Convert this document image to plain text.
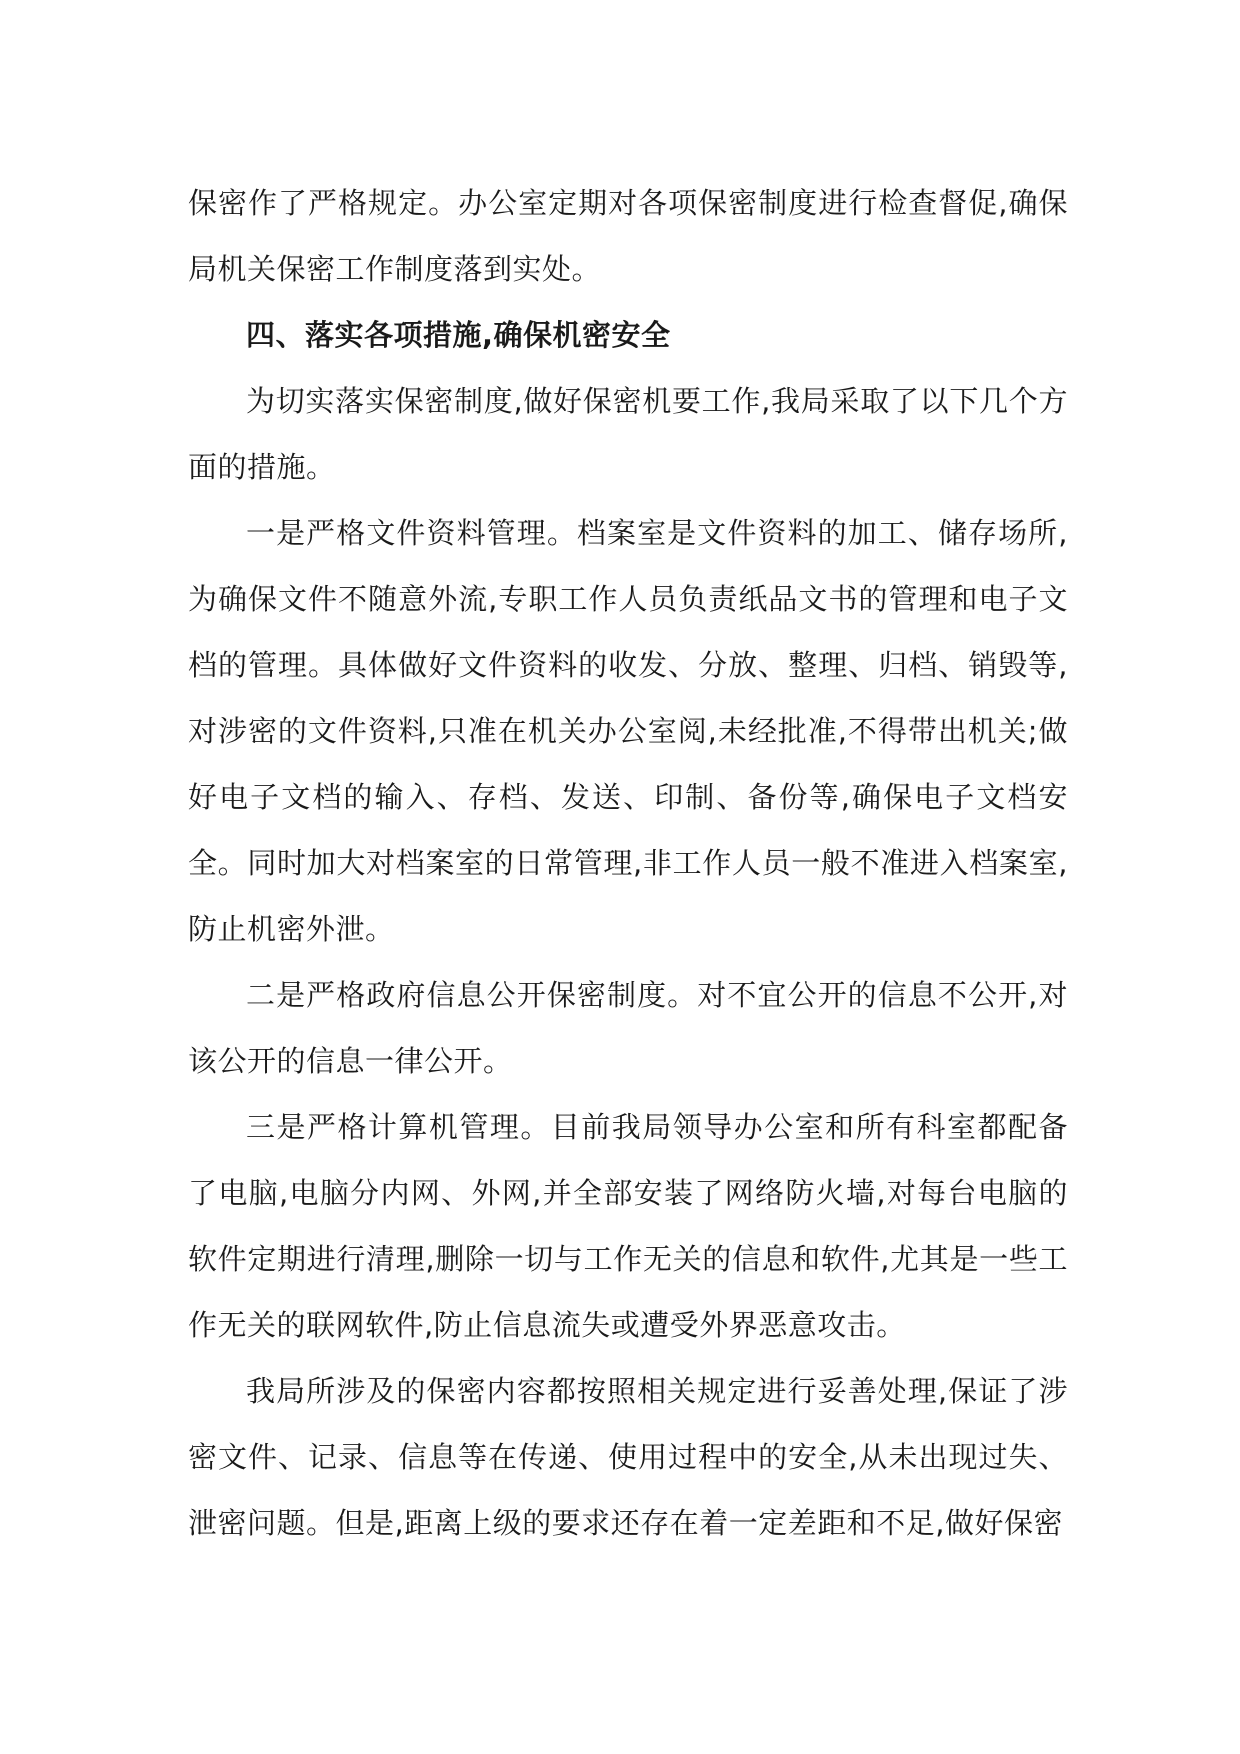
保密作了严格规定。办公室定期对各项保密制度进行检查督促,确保局机关保密工作制度落到实处。

四、落实各项措施,确保机密安全

为切实落实保密制度,做好保密机要工作,我局采取了以下几个方面的措施。

一是严格文件资料管理。档案室是文件资料的加工、储存场所,为确保文件不随意外流,专职工作人员负责纸品文书的管理和电子文档的管理。具体做好文件资料的收发、分放、整理、归档、销毁等,对涉密的文件资料,只准在机关办公室阅,未经批准,不得带出机关;做好电子文档的输入、存档、发送、印制、备份等,确保电子文档安全。同时加大对档案室的日常管理,非工作人员一般不准进入档案室,防止机密外泄。

二是严格政府信息公开保密制度。对不宜公开的信息不公开,对该公开的信息一律公开。

三是严格计算机管理。目前我局领导办公室和所有科室都配备了电脑,电脑分内网、外网,并全部安装了网络防火墙,对每台电脑的软件定期进行清理,删除一切与工作无关的信息和软件,尤其是一些工作无关的联网软件,防止信息流失或遭受外界恶意攻击。

我局所涉及的保密内容都按照相关规定进行妥善处理,保证了涉密文件、记录、信息等在传递、使用过程中的安全,从未出现过失、泄密问题。但是,距离上级的要求还存在着一定差距和不足,做好保密
